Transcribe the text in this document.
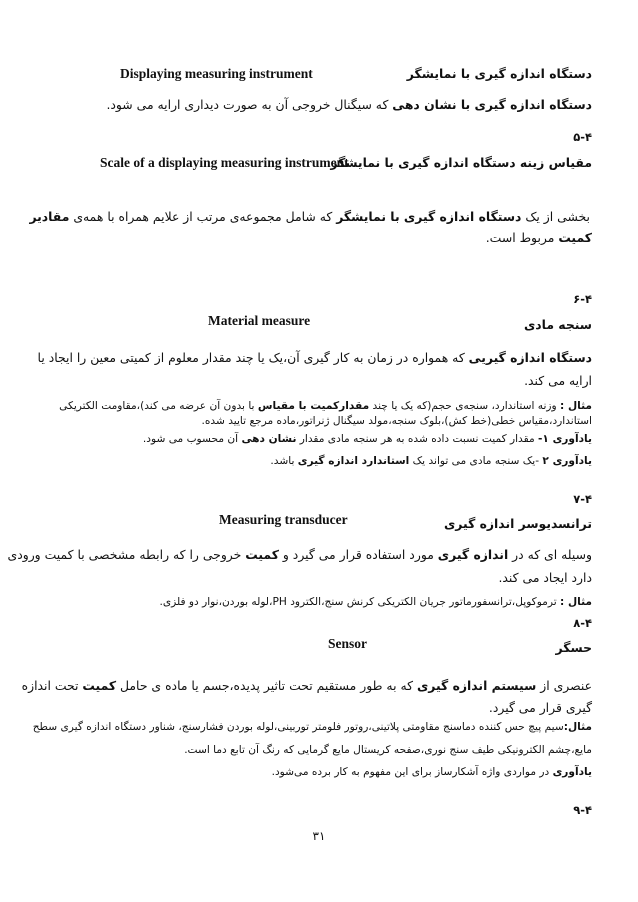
دستگاه اندازه گیری با نمایشگر
Displaying measuring instrument
دستگاه اندازه گیری با نشان دهی که سیگنال خروجی آن به صورت دیداری ارایه می شود.
۵-۴
مقیاس زینه دستگاه اندازه گیری با نمایشگر
Scale of a displaying measuring instrument
بخشی از یک دستگاه اندازه گیری با نمایشگر که شامل مجموعه‌ی مرتب از علایم همراه با همه‌ی مقادیر
کمیت مربوط است.
۶-۴
سنجه مادی
Material measure
دستگاه اندازه گیریی که همواره در زمان به کار گیری آن،یک یا چند مقدار معلوم از کمیتی معین را ایجاد یا
ارایه می کند.
مثال : وزنه استاندارد، سنجه‌ی حجم(که یک یا چند مقدارکمیت با مقیاس با بدون آن عرضه می کند)،مقاومت الکتریکی
استاندارد،مقیاس خطی(خط کش)،بلوک سنجه،مولد سیگنال ژنراتور،ماده مرجع تایید شده.
یادآوری ۱- مقدار کمیت نسبت داده شده به هر سنجه مادی مقدار نشان دهی آن محسوب می شود.
یادآوری ۲ -یک سنجه مادی می تواند یک استاندارد اندازه گیری باشد.
۷-۴
ترانسدیوسر اندازه گیری
Measuring transducer
وسیله ای که در اندازه گیری مورد استفاده قرار می گیرد و کمیت خروجی را که رابطه مشخصی با کمیت ورودی
دارد ایجاد می کند.
مثال : ترموکوپل،ترانسفورماتور جریان الکتریکی کرنش سنج،الکترود PH،لوله بوردن،نوار دو فلزی.
۸-۴
حسگر
Sensor
عنصری از سیستم اندازه گیری که به طور مستقیم تحت تاثیر پدیده،جسم یا ماده ی حامل کمیت تحت اندازه
گیری قرار می گیرد.
مثال:سیم پیچ حس کننده دماسنج مقاومتی پلاتینی،روتور فلومتر توربینی،لوله بوردن فشارسنج، شناور دستگاه اندازه گیری سطح
مایع،چشم الکترونیکی طیف سنج نوری،صفحه کریستال مایع گرمایی که رنگ آن تابع دما است.
یادآوری در مواردی واژه آشکارساز برای این مفهوم به کار برده می‌شود.
۹-۴
۳۱
